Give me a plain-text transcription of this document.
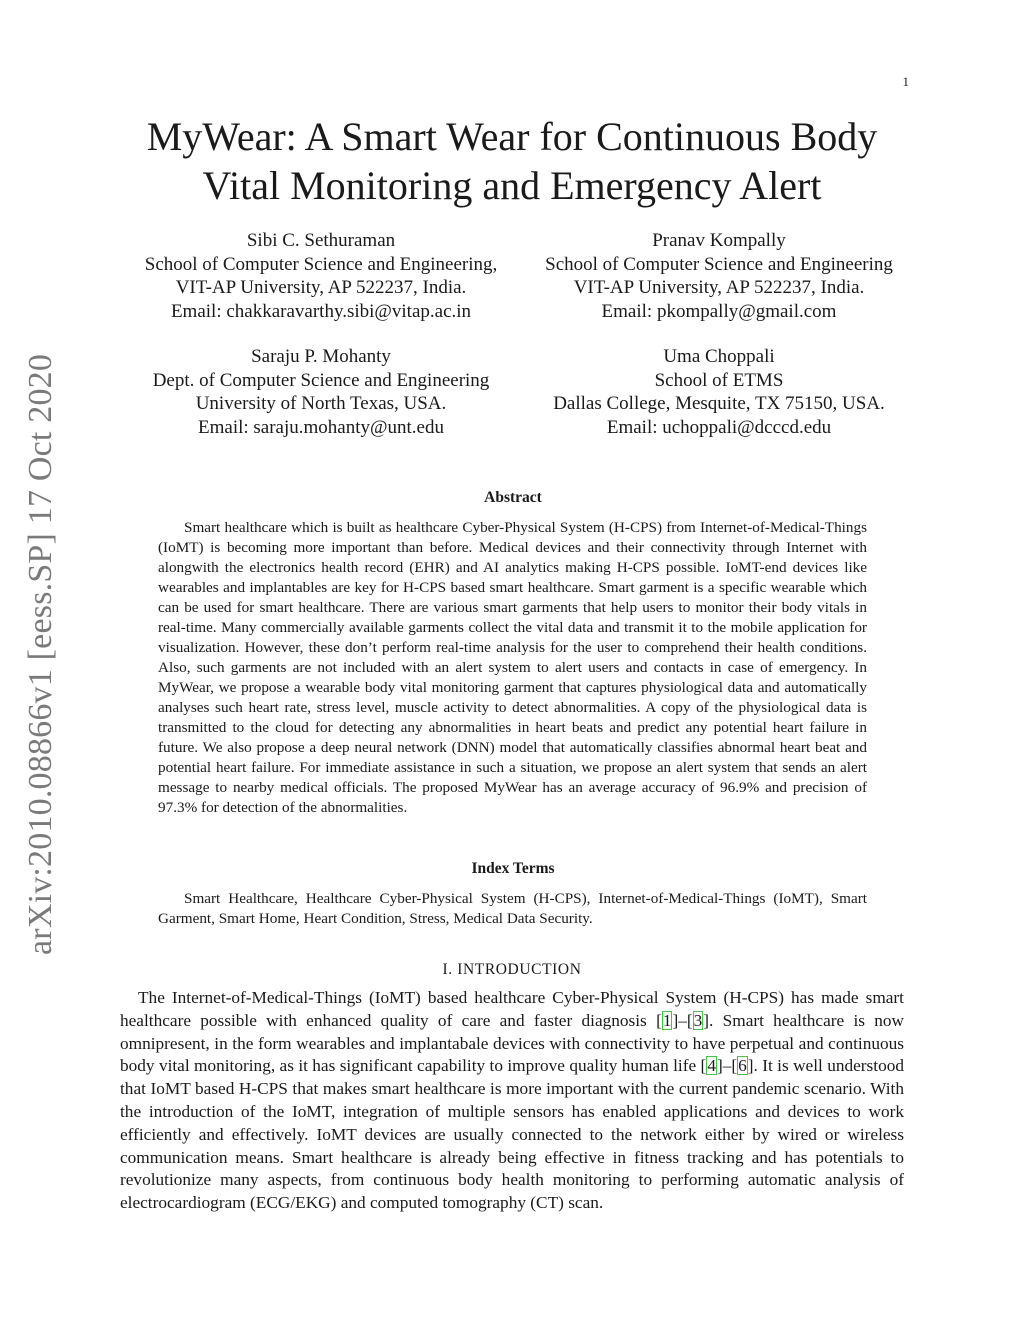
1
arXiv:2010.08866v1 [eess.SP] 17 Oct 2020
MyWear: A Smart Wear for Continuous Body
Vital Monitoring and Emergency Alert
Sibi C. Sethuraman
School of Computer Science and Engineering,
VIT-AP University, AP 522237, India.
Email: chakkaravarthy.sibi@vitap.ac.in
Pranav Kompally
School of Computer Science and Engineering
VIT-AP University, AP 522237, India.
Email: pkompally@gmail.com
Saraju P. Mohanty
Dept. of Computer Science and Engineering
University of North Texas, USA.
Email: saraju.mohanty@unt.edu
Uma Choppali
School of ETMS
Dallas College, Mesquite, TX 75150, USA.
Email: uchoppali@dcccd.edu
Abstract

Smart healthcare which is built as healthcare Cyber-Physical System (H-CPS) from Internet-of-Medical-Things (IoMT) is becoming more important than before. Medical devices and their connectivity through Internet with alongwith the electronics health record (EHR) and AI analytics making H-CPS possible. IoMT-end devices like wearables and implantables are key for H-CPS based smart healthcare. Smart garment is a specific wearable which can be used for smart healthcare. There are various smart garments that help users to monitor their body vitals in real-time. Many commercially available garments collect the vital data and transmit it to the mobile application for visualization. However, these don’t perform real-time analysis for the user to comprehend their health conditions. Also, such garments are not included with an alert system to alert users and contacts in case of emergency. In MyWear, we propose a wearable body vital monitoring garment that captures physiological data and automatically analyses such heart rate, stress level, muscle activity to detect abnormalities. A copy of the physiological data is transmitted to the cloud for detecting any abnormalities in heart beats and predict any potential heart failure in future. We also propose a deep neural network (DNN) model that automatically classifies abnormal heart beat and potential heart failure. For immediate assistance in such a situation, we propose an alert system that sends an alert message to nearby medical officials. The proposed MyWear has an average accuracy of 96.9% and precision of 97.3% for detection of the abnormalities.

Index Terms

Smart Healthcare, Healthcare Cyber-Physical System (H-CPS), Internet-of-Medical-Things (IoMT), Smart Garment, Smart Home, Heart Condition, Stress, Medical Data Security.

I. INTRODUCTION

The Internet-of-Medical-Things (IoMT) based healthcare Cyber-Physical System (H-CPS) has made smart healthcare possible with enhanced quality of care and faster diagnosis [1]–[3]. Smart healthcare is now omnipresent, in the form wearables and implantabale devices with connectivity to have perpetual and continuous body vital monitoring, as it has significant capability to improve quality human life [4]–[6]. It is well understood that IoMT based H-CPS that makes smart healthcare is more important with the current pandemic scenario. With the introduction of the IoMT, integration of multiple sensors has enabled applications and devices to work efficiently and effectively. IoMT devices are usually connected to the network either by wired or wireless communication means. Smart healthcare is already being effective in fitness tracking and has potentials to revolutionize many aspects, from continuous body health monitoring to performing automatic analysis of electrocardiogram (ECG/EKG) and computed tomography (CT) scan.
